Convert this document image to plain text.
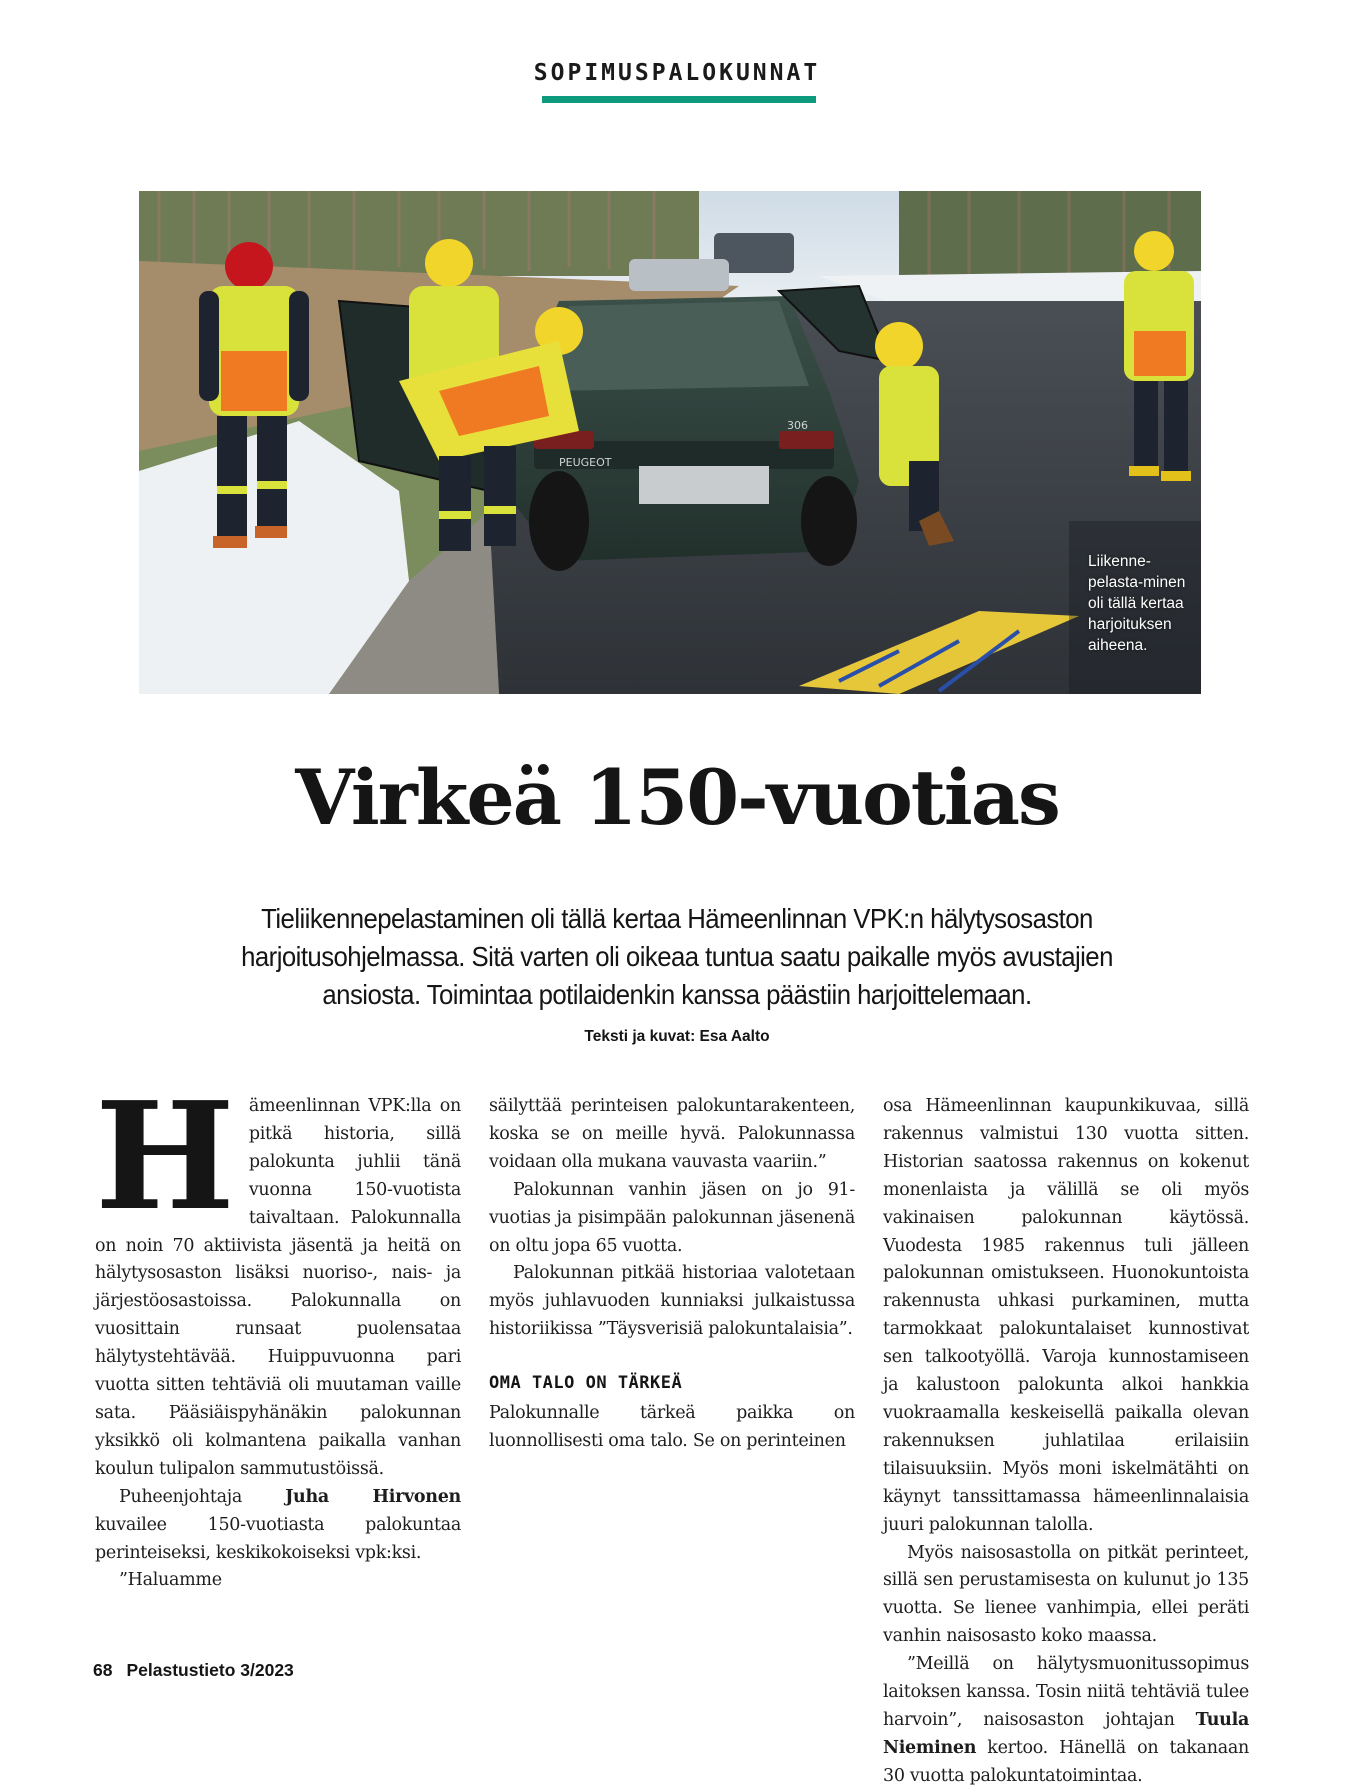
SOPIMUSPALOKUNNAT
PEUGEOT
306
Liikenne-pelasta-minen oli tällä kertaa harjoituksen aiheena.
Virkeä 150-vuotias
Tieliikennepelastaminen oli tällä kertaa Hämeenlinnan VPK:n hälytysosaston harjoitusohjelmassa. Sitä varten oli oikeaa tuntua saatu paikalle myös avustajien ansiosta. Toimintaa potilaidenkin kanssa päästiin harjoittelemaan.
Teksti ja kuvat: Esa Aalto
H ämeenlinnan VPK:lla on pitkä historia, sillä palokunta juhlii tänä vuonna 150-vuotista taivaltaan. Palokunnalla on noin 70 aktiivista jäsentä ja heitä on hälytysosaston lisäksi nuoriso-, nais- ja järjestöosastoissa. Palokunnalla on vuosittain runsaat puolensataa hälytystehtävää. Huippuvuonna pari vuotta sitten tehtäviä oli muutaman vaille sata. Pääsiäispyhänäkin palokunnan yksikkö oli kolmantena paikalla vanhan koulun tulipalon sammutustöissä.

Puheenjohtaja Juha Hirvonen kuvailee 150-vuotiasta palokuntaa perinteiseksi, keskikokoiseksi vpk:ksi.

”Haluamme

säilyttää perinteisen palokuntarakenteen, koska se on meille hyvä. Palokunnassa voidaan olla mukana vauvasta vaariin.”

Palokunnan vanhin jäsen on jo 91-vuotias ja pisimpään palokunnan jäsenenä on oltu jopa 65 vuotta.

Palokunnan pitkää historiaa valotetaan myös juhlavuoden kunniaksi julkaistussa historiikissa ”Täysverisiä palokuntalaisia”.

OMA TALO ON TÄRKEÄ

Palokunnalle tärkeä paikka on luonnollisesti oma talo. Se on perinteinen

osa Hämeenlinnan kaupunkikuvaa, sillä rakennus valmistui 130 vuotta sitten. Historian saatossa rakennus on kokenut monenlaista ja välillä se oli myös vakinaisen palokunnan käytössä. Vuodesta 1985 rakennus tuli jälleen palokunnan omistukseen. Huonokuntoista rakennusta uhkasi purkaminen, mutta tarmokkaat palokuntalaiset kunnostivat sen talkootyöllä. Varoja kunnostamiseen ja kalustoon palokunta alkoi hankkia vuokraamalla keskeisellä paikalla olevan rakennuksen juhlatilaa erilaisiin tilaisuuksiin. Myös moni iskelmätähti on käynyt tanssittamassa hämeenlinnalaisia juuri palokunnan talolla.

Myös naisosastolla on pitkät perinteet, sillä sen perustamisesta on kulunut jo 135 vuotta. Se lienee vanhimpia, ellei peräti vanhin naisosasto koko maassa.

”Meillä on hälytysmuonitussopimus laitoksen kanssa. Tosin niitä tehtäviä tulee harvoin”, naisosaston johtajan Tuula Nieminen kertoo. Hänellä on takanaan 30 vuotta palokuntatoimintaa.

68 Pelastustieto 3/2023
